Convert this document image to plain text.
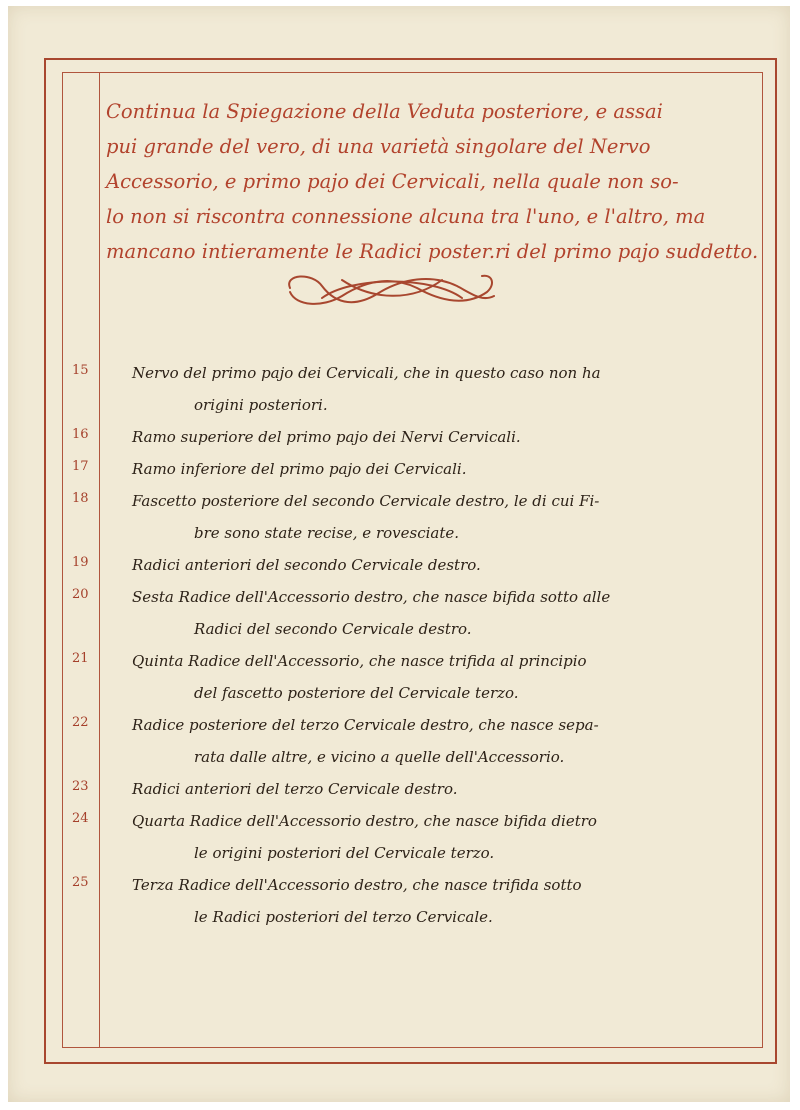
Continua la Spiegazione della Veduta posteriore, e assai
pui grande del vero, di una varietà singolare del Nervo
Accessorio, e primo pajo dei Cervicali, nella quale non so-
lo non si riscontra connessione alcuna tra l'uno, e l'altro, ma
mancano intieramente le Radici poster.ri del primo pajo suddetto.
15	Nervo del primo pajo dei Cervicali, che in questo caso non ha
origini posteriori.
16	Ramo superiore del primo pajo dei Nervi Cervicali.
17	Ramo inferiore del primo pajo dei Cervicali.
18	Fascetto posteriore del secondo Cervicale destro, le di cui Fi-
bre sono state recise, e rovesciate.
19	Radici anteriori del secondo Cervicale destro.
20	Sesta Radice dell'Accessorio destro, che nasce bifida sotto alle
Radici del secondo Cervicale destro.
21	Quinta Radice dell'Accessorio, che nasce trifida al principio
del fascetto posteriore del Cervicale terzo.
22	Radice posteriore del terzo Cervicale destro, che nasce sepa-
rata dalle altre, e vicino a quelle dell'Accessorio.
23	Radici anteriori del terzo Cervicale destro.
24	Quarta Radice dell'Accessorio destro, che nasce bifida dietro
le origini posteriori del Cervicale terzo.
25	Terza Radice dell'Accessorio destro, che nasce trifida sotto
le Radici posteriori del terzo Cervicale.
